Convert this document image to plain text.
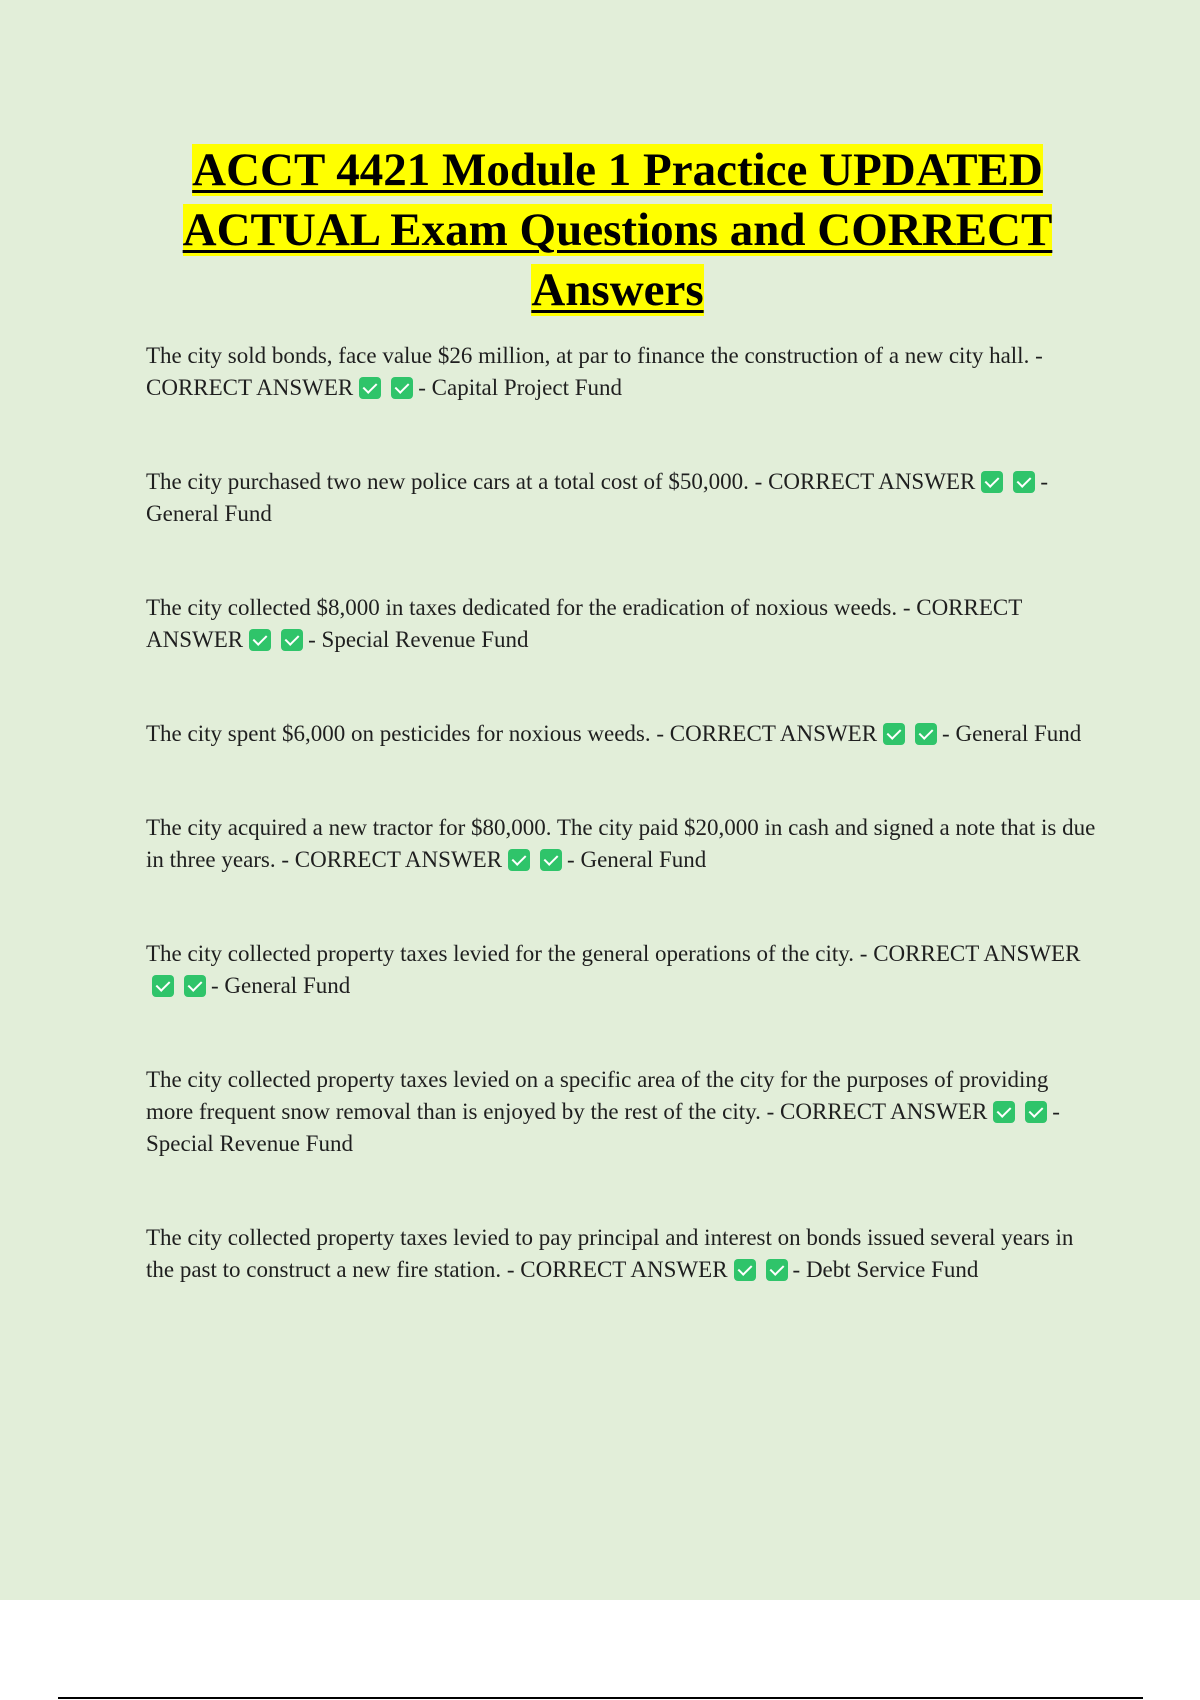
ACCT 4421 Module 1 Practice UPDATED ACTUAL Exam Questions and CORRECT Answers

The city sold bonds, face value $26 million, at par to finance the construction of a new city hall. - CORRECT ANSWER	- Capital Project Fund

The city purchased two new police cars at a total cost of $50,000. - CORRECT ANSWER	- General Fund

The city collected $8,000 in taxes dedicated for the eradication of noxious weeds. - CORRECT ANSWER	- Special Revenue Fund

The city spent $6,000 on pesticides for noxious weeds. - CORRECT ANSWER	- General Fund

The city acquired a new tractor for $80,000. The city paid $20,000 in cash and signed a note that is due in three years. - CORRECT ANSWER	- General Fund

The city collected property taxes levied for the general operations of the city. - CORRECT ANSWER- General Fund

The city collected property taxes levied on a specific area of the city for the purposes of providing more frequent snow removal than is enjoyed by the rest of the city. - CORRECT ANSWER	- Special Revenue Fund

The city collected property taxes levied to pay principal and interest on bonds issued several years in the past to construct a new fire station. - CORRECT ANSWER	- Debt Service Fund
